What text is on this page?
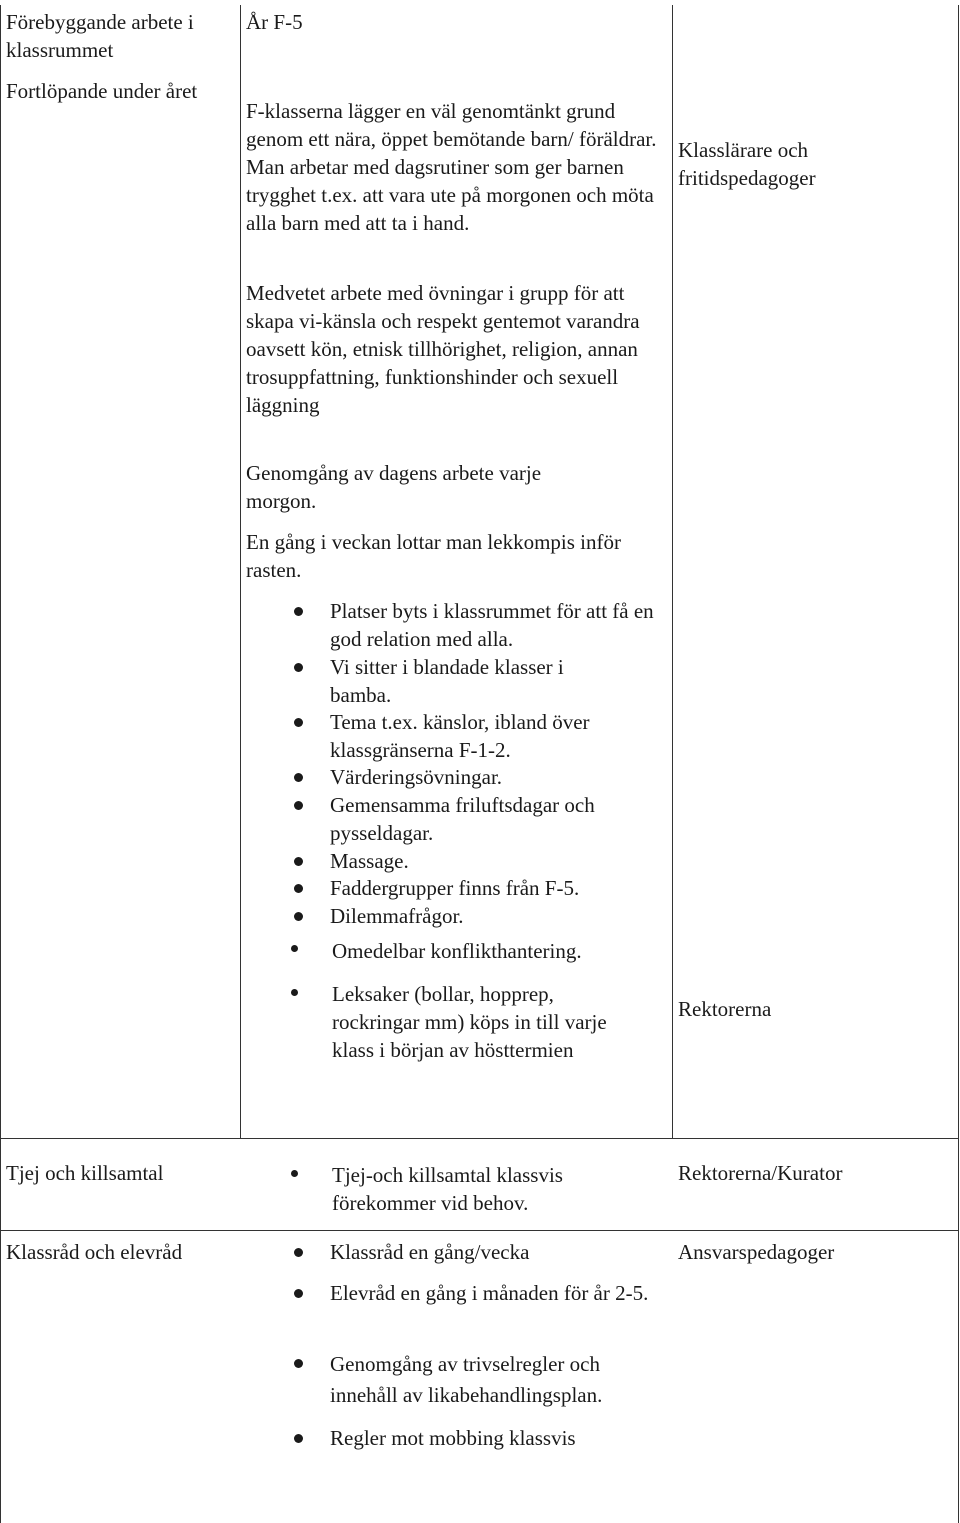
Förebyggande arbete i klassrummet

Fortlöpande under året

År F-5

F-klasserna lägger en väl genomtänkt grund genom ett nära, öppet bemötande barn/ föräldrar. Man arbetar med dagsrutiner som ger barnen trygghet t.ex. att vara ute på morgonen och möta alla barn med att ta i hand.

Medvetet arbete med övningar i grupp för att skapa vi-känsla och respekt gentemot varandra oavsett kön, etnisk tillhörighet, religion, annan trosuppfattning, funktionshinder och sexuell läggning

Genomgång av dagens arbete varje morgon.

En gång i veckan lottar man lekkompis inför rasten.

Platser byts i klassrummet för att få en god relation med alla.

Vi sitter i blandade klasser i bamba.

Tema t.ex. känslor, ibland över klassgränserna F-1-2.

Värderingsövningar.

Gemensamma friluftsdagar och pysseldagar.

Massage.

Faddergrupper finns från F-5.

Dilemmafrågor.

Omedelbar konflikthantering.

Leksaker (bollar, hopprep, rockringar mm) köps in till varje klass i början av hösttermien

Klasslärare och fritidspedagoger

Rektorerna

Tjej och killsamtal	Tjej-och killsamtal klassvis förekommer vid behov.

Rektorerna/Kurator

Klassråd och elevråd	Klassråd en gång/vecka

Elevråd en gång i månaden för år 2-5.

Genomgång av trivselregler och innehåll av likabehandlingsplan.

Regler mot mobbing klassvis

Ansvarspedagoger
